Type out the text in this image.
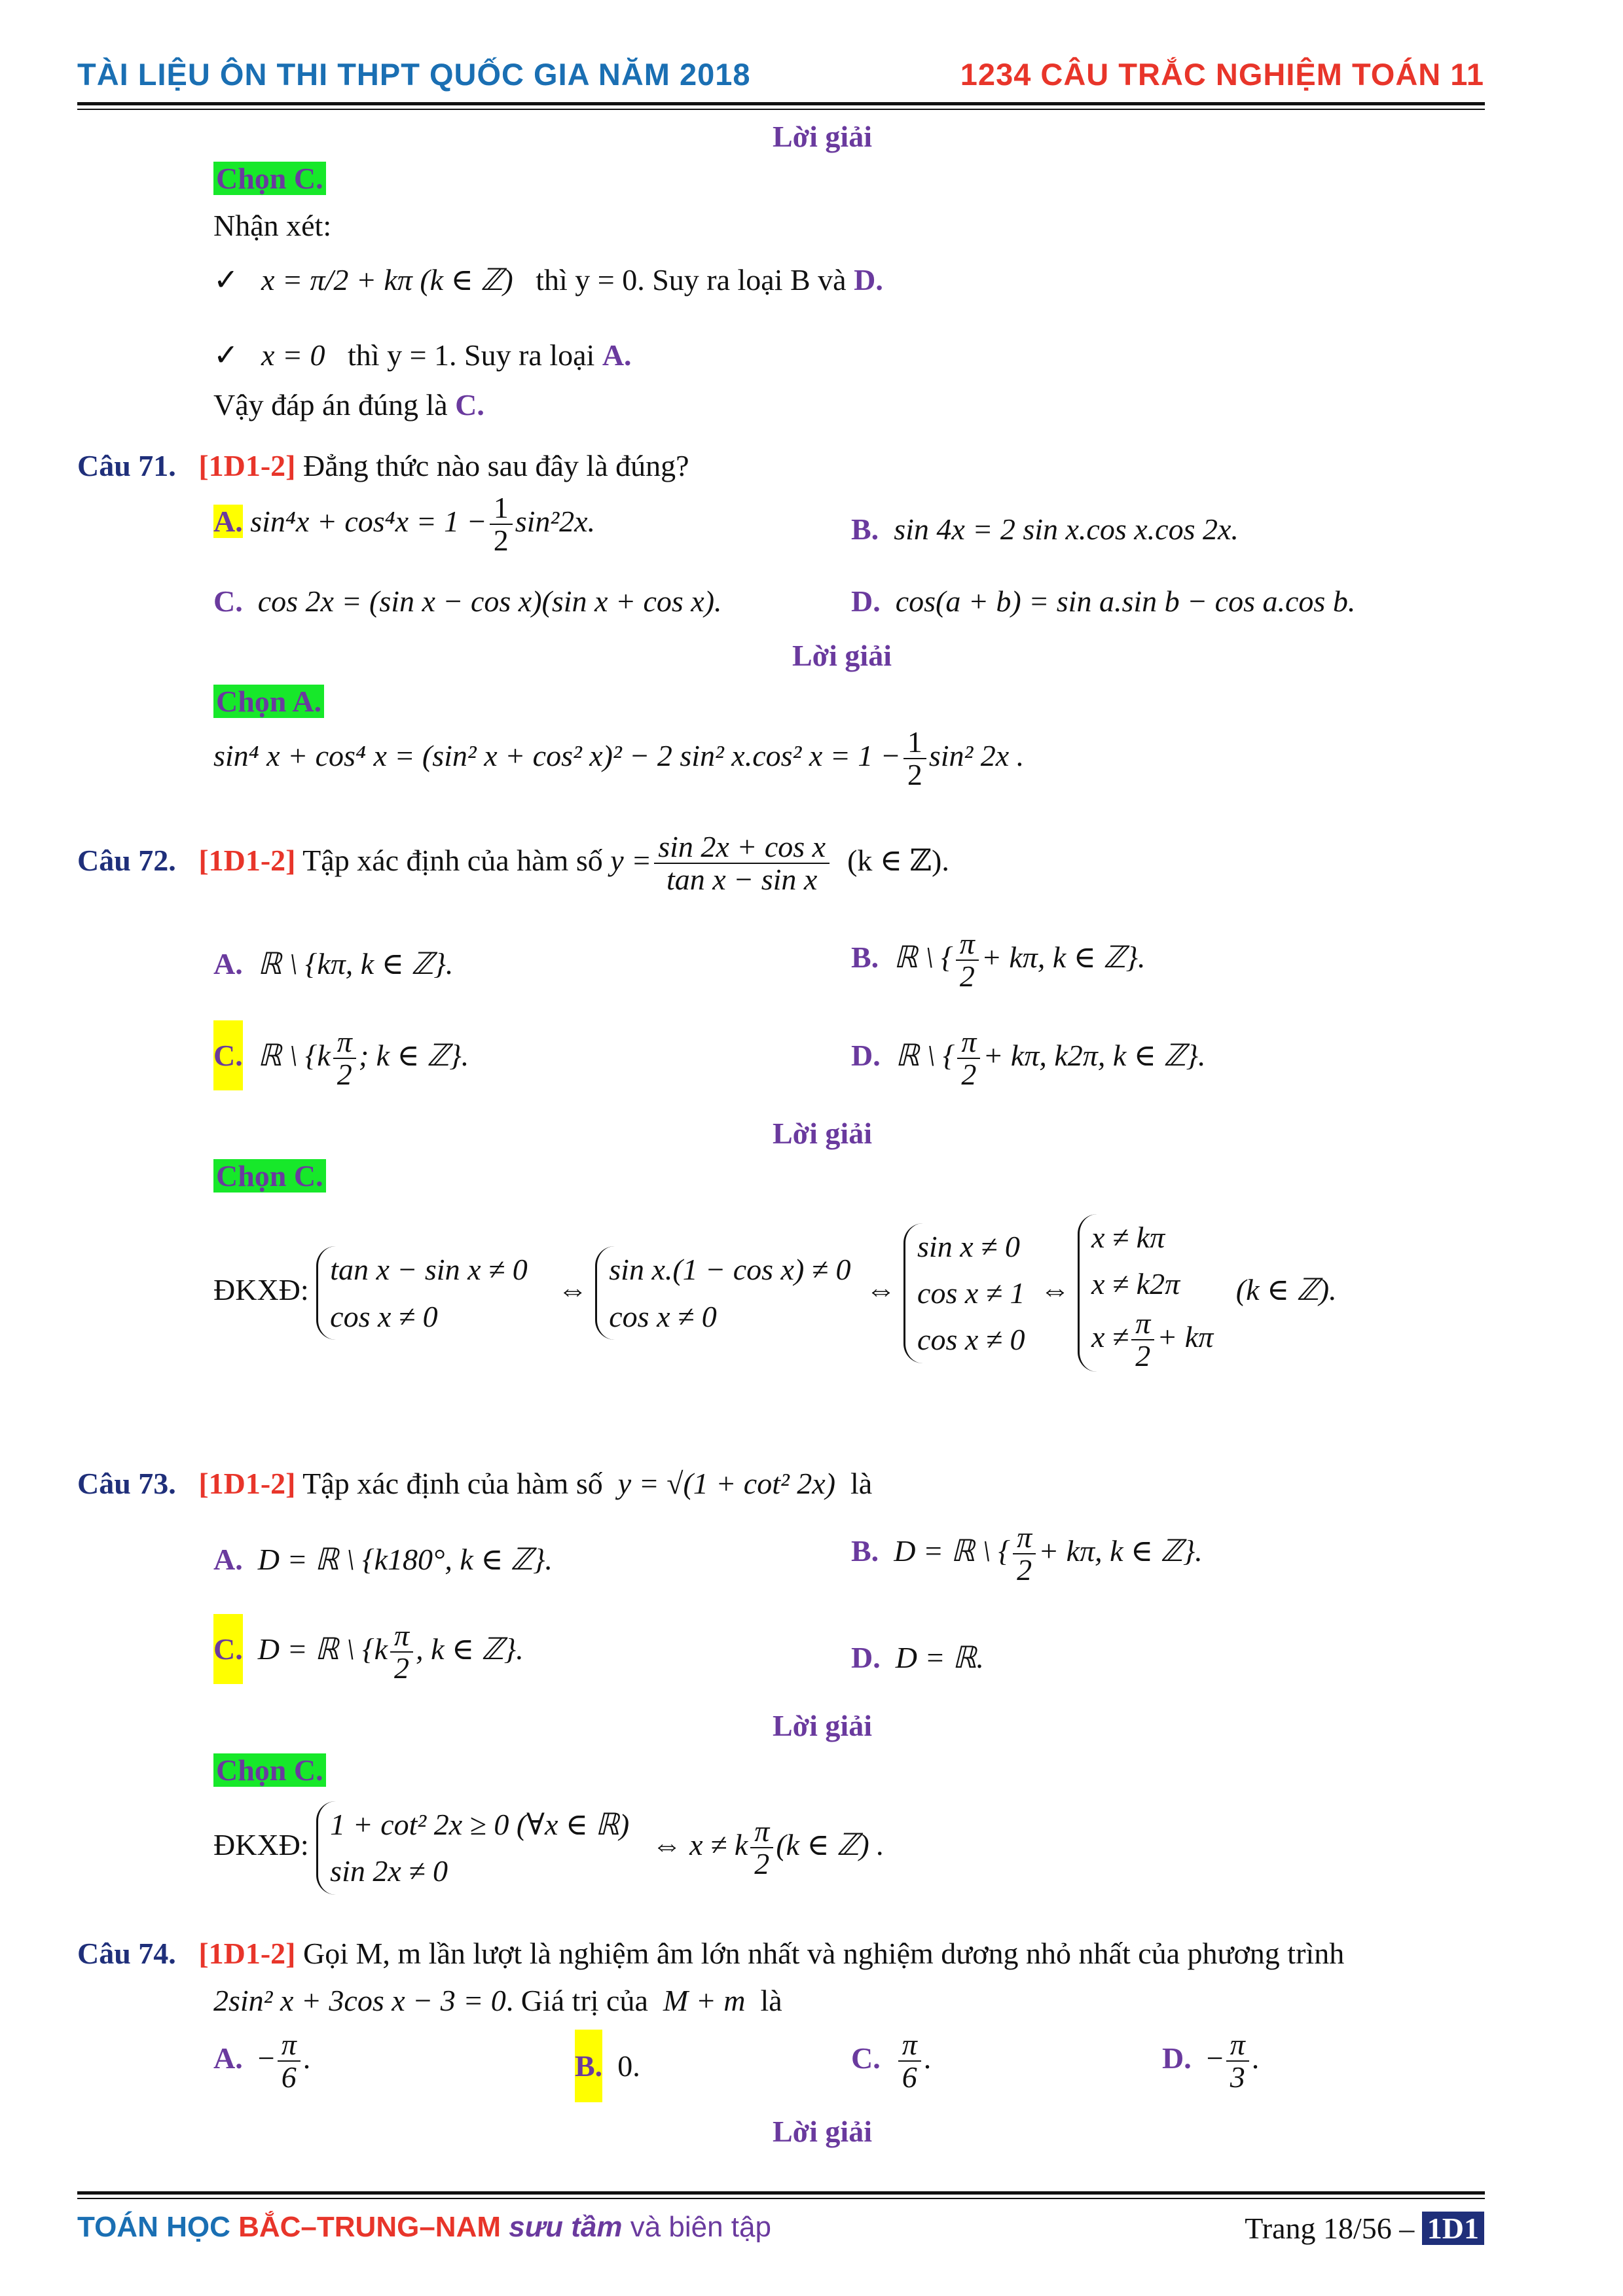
TÀI LIỆU ÔN THI THPT QUỐC GIA NĂM 2018	1234 CÂU TRẮC NGHIỆM TOÁN 11
Lời giải
Chọn C.
Nhận xét:
✓ x = π/2 + kπ (k ∈ ℤ) thì y = 0. Suy ra loại B và D.
✓ x = 0 thì y = 1. Suy ra loại A.
Vậy đáp án đúng là C.
Câu 71. [1D1-2] Đẳng thức nào sau đây là đúng?
A. $\sin^4x + \cos^4x = 1 - \frac{1}{2} \sin^22x$.	B. sin 4x = 2 sin x.cos x.cos 2x.
C. cos 2x = (sin x − cos x)(sin x + cos x).	D. cos(a + b) = sin a.sin b − cos a.cos b.
Lời giải
Chọn A.
sin⁴ x + cos⁴ x = (sin² x + cos² x)² − 2 sin² x.cos² $x = 1 - \frac{1}{2} \sin^2$ 2x .
Câu 72. [1D1-2] Tập xác định của hàm số $y = \frac{\text{sin 2x + cos x}}{\text{tan x − sin x}} (k$ ∈ ℤ).
A. ℝ \ {kπ, k ∈ ℤ}.	B. ℝ \ { $\frac{\pi}{2} + k\pi$, k ∈ ℤ}.
C. ℝ \ {$k \frac{\pi}{2}$ ; k ∈ ℤ}.	D. ℝ \ { $\frac{\pi}{2} + k\pi$, k2π, k ∈ ℤ}.
Lời giải
Chọn C.
ĐKXĐ: tan x − sin x ≠ 0
cos x ≠ 0    ⇔ sin x.(1 − cos x) ≠ 0
cos x ≠ 0  ⇔ sin x ≠ 0
cos x ≠ 1
cos x ≠ 0  ⇔ x ≠ kπ
x ≠ k2π
$x \ne \frac{\pi}{2} + k\pi$   (k ∈ ℤ).
Câu 73. [1D1-2] Tập xác định của hàm số y = √(1 + cot² 2x) là
A. D = ℝ \ {k180°, k ∈ ℤ}.	B. D = ℝ \ { $\frac{\pi}{2} + k\pi$, k ∈ ℤ}.
C. D = ℝ \ {$k \frac{\pi}{2}$ , k ∈ ℤ}.	D. D = ℝ.
Lời giải
Chọn C.
ĐKXĐ: 1 + cot² 2x ≥ 0 (∀x ∈ ℝ)
sin 2x ≠ 0   ⇔ x ≠ k $\frac{\pi}{2} (k$ ∈ ℤ) .
Câu 74. [1D1-2] Gọi M, m lần lượt là nghiệm âm lớn nhất và nghiệm dương nhỏ nhất của phương trình
2sin² x + 3cos x − 3 = 0. Giá trị của M + m là
A. − $\frac{\pi}{6}$ .	B. 0.	C. $\frac{\pi}{6}$ .	D. − $\frac{\pi}{3}$ .
Lời giải
TOÁN HỌC BẮC–TRUNG–NAM sưu tầm và biên tập	Trang 18/56 – 1D1
